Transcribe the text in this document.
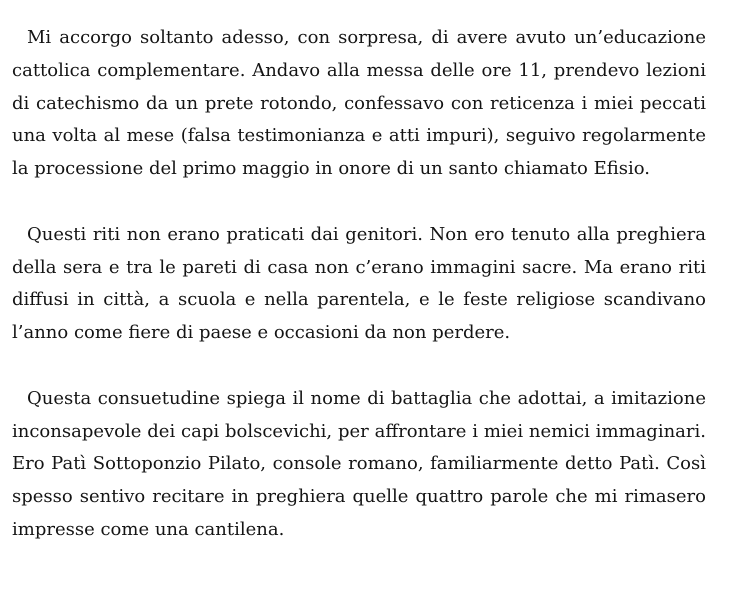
Mi accorgo soltanto adesso, con sorpresa, di avere avuto un’educazione cattolica complementare. Andavo alla messa delle ore 11, prendevo lezioni di catechismo da un prete rotondo, confessavo con reticenza i miei peccati una volta al mese (falsa testimonianza e atti impuri), seguivo regolarmente la processione del primo maggio in onore di un santo chiamato Efisio.

Questi riti non erano praticati dai genitori. Non ero tenuto alla preghiera della sera e tra le pareti di casa non c’erano immagini sacre. Ma erano riti diffusi in città, a scuola e nella parentela, e le feste religiose scandivano l’anno come fiere di paese e occasioni da non perdere.

Questa consuetudine spiega il nome di battaglia che adottai, a imitazione inconsapevole dei capi bolscevichi, per affrontare i miei nemici immaginari. Ero Patì Sottoponzio Pilato, console romano, familiarmente detto Patì. Così spesso sentivo recitare in preghiera quelle quattro parole che mi rimasero impresse come una cantilena.
